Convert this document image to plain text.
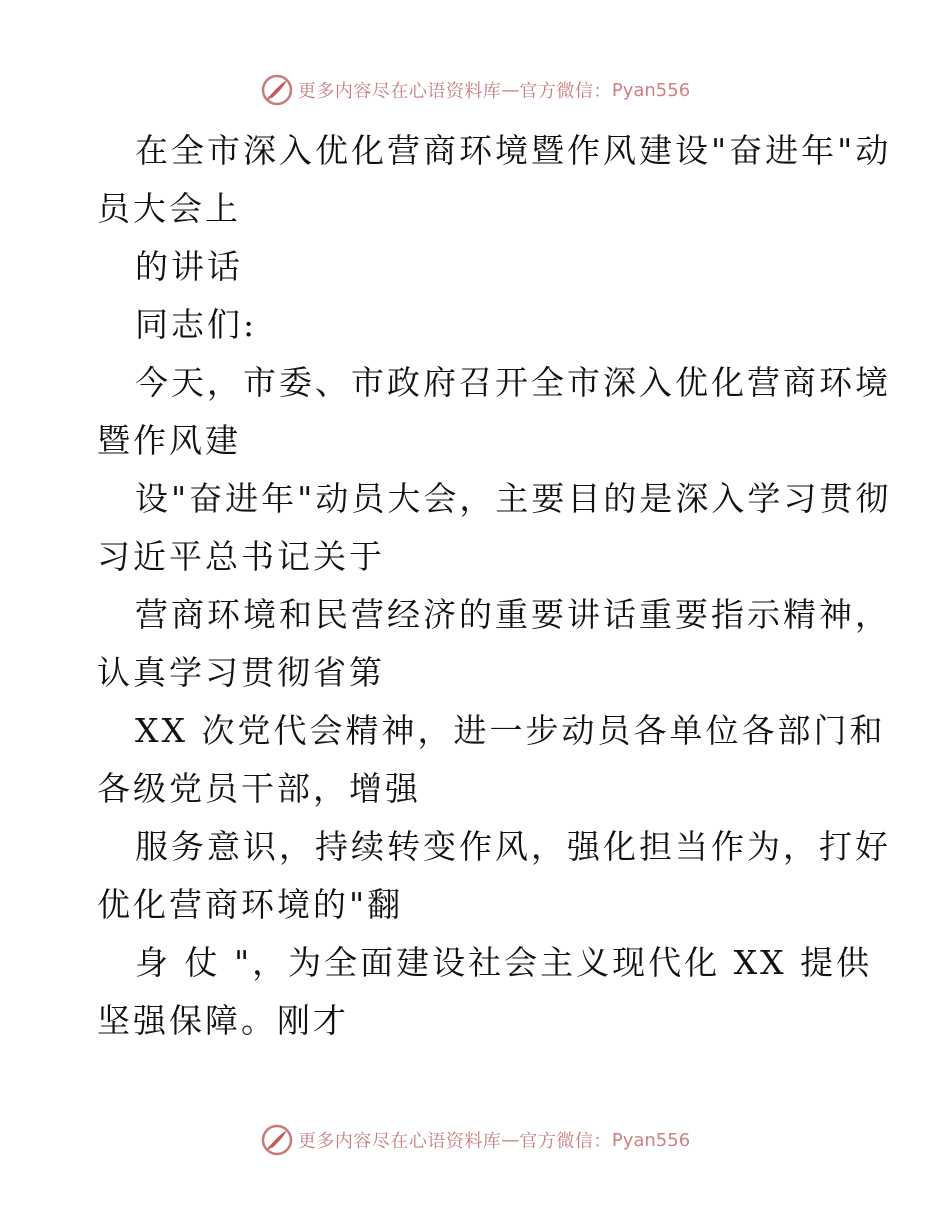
更多内容尽在心语资料库 — 官方微信： Pyan556

在全市深入优化营商环境暨作风建设"奋进年"动

员大会上

的讲话

同志们:

今天，市委、市政府召开全市深入优化营商环境

暨作风建

设"奋进年"动员大会，主要目的是深入学习贯彻

习近平总书记关于

营商环境和民营经济的重要讲话重要指示精神，

认真学习贯彻省第

XX 次党代会精神，进一步动员各单位各部门和

各级党员干部，增强

服务意识，持续转变作风，强化担当作为，打好

优化营商环境的"翻

身 仗 "，为全面建设社会主义现代化 XX 提供

坚强保障。刚才

更多内容尽在心语资料库 — 官方微信： Pyan556
